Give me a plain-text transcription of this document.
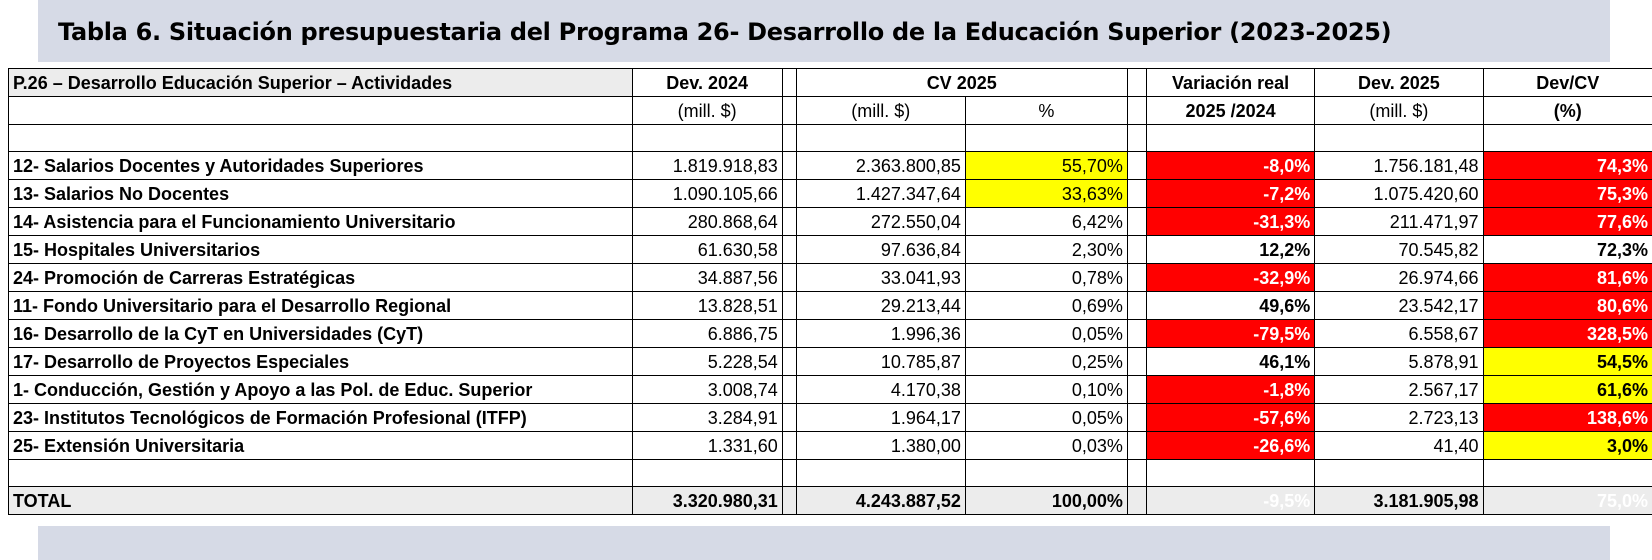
Tabla 6. Situación presupuestaria del Programa 26- Desarrollo de la Educación Superior (2023-2025)
P.26 – Desarrollo Educación Superior – Actividades	Dev. 2024		CV 2025			Variación real	Dev. 2025	Dev/CV
	(mill. $)		(mill. $)	%		2025 /2024	(mill. $)	(%)

12- Salarios Docentes y Autoridades Superiores	1.819.918,83		2.363.800,85	55,70%		-8,0%	1.756.181,48	74,3%
13- Salarios No Docentes	1.090.105,66		1.427.347,64	33,63%		-7,2%	1.075.420,60	75,3%
14- Asistencia para el Funcionamiento Universitario	280.868,64		272.550,04	6,42%		-31,3%	211.471,97	77,6%
15- Hospitales Universitarios	61.630,58		97.636,84	2,30%		12,2%	70.545,82	72,3%
24- Promoción de Carreras Estratégicas	34.887,56		33.041,93	0,78%		-32,9%	26.974,66	81,6%
11- Fondo Universitario para el Desarrollo Regional	13.828,51		29.213,44	0,69%		49,6%	23.542,17	80,6%
16- Desarrollo de la CyT en Universidades (CyT)	6.886,75		1.996,36	0,05%		-79,5%	6.558,67	328,5%
17- Desarrollo de Proyectos Especiales	5.228,54		10.785,87	0,25%		46,1%	5.878,91	54,5%
1- Conducción, Gestión y Apoyo a las Pol. de Educ. Superior	3.008,74		4.170,38	0,10%		-1,8%	2.567,17	61,6%
23- Institutos Tecnológicos de Formación Profesional (ITFP)	3.284,91		1.964,17	0,05%		-57,6%	2.723,13	138,6%
25- Extensión Universitaria	1.331,60		1.380,00	0,03%		-26,6%	41,40	3,0%

TOTAL	3.320.980,31		4.243.887,52	100,00%		-9,5%	3.181.905,98	75,0%
